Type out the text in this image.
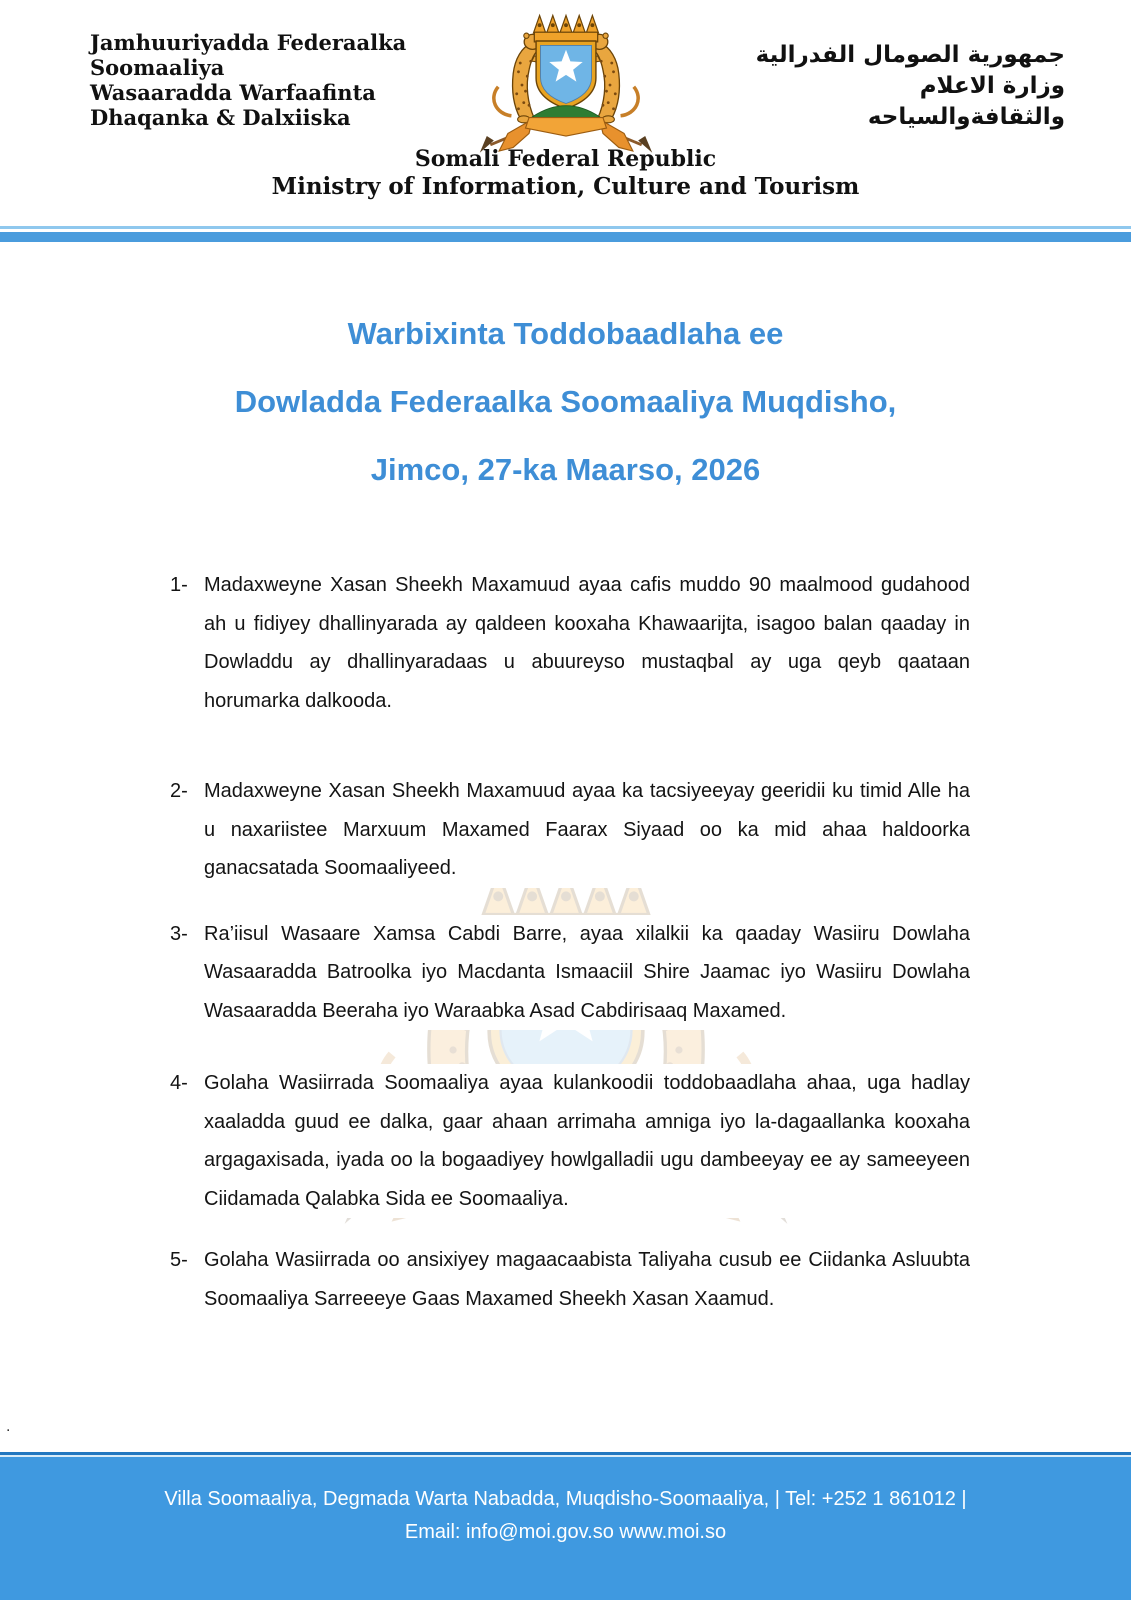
Jamhuuriyadda Federaalka
Soomaaliya
Wasaaradda Warfaafinta
Dhaqanka & Dalxiiska
جمهورية الصومال الفدرالية
وزارة الاعلام
والثقافةوالسياحه
Somali Federal Republic
Ministry of Information, Culture and Tourism
Warbixinta Toddobaadlaha ee
Dowladda Federaalka Soomaaliya Muqdisho,
Jimco, 27-ka Maarso, 2026
1- Madaxweyne Xasan Sheekh Maxamuud ayaa cafis muddo 90 maalmood gudahood ah u fidiyey dhallinyarada ay qaldeen kooxaha Khawaarijta, isagoo balan qaaday in Dowladdu ay dhallinyaradaas u abuureyso mustaqbal ay uga qeyb qaataan horumarka dalkooda.
2- Madaxweyne Xasan Sheekh Maxamuud ayaa ka tacsiyeeyay geeridii ku timid Alle ha u naxariistee Marxuum Maxamed Faarax Siyaad oo ka mid ahaa haldoorka ganacsatada Soomaaliyeed.
3- Ra’iisul Wasaare Xamsa Cabdi Barre, ayaa xilalkii ka qaaday Wasiiru Dowlaha Wasaaradda Batroolka iyo Macdanta Ismaaciil Shire Jaamac iyo Wasiiru Dowlaha Wasaaradda Beeraha iyo Waraabka Asad Cabdirisaaq Maxamed.
4- Golaha Wasiirrada Soomaaliya ayaa kulankoodii toddobaadlaha ahaa, uga hadlay xaaladda guud ee dalka, gaar ahaan arrimaha amniga iyo la-dagaallanka kooxaha argagaxisada, iyada oo la bogaadiyey howlgalladii ugu dambeeyay ee ay sameeyeen Ciidamada Qalabka Sida ee Soomaaliya.
5- Golaha Wasiirrada oo ansixiyey magaacaabista Taliyaha cusub ee Ciidanka Asluubta Soomaaliya Sarreeeye Gaas Maxamed Sheekh Xasan Xaamud.
.
Villa Soomaaliya, Degmada Warta Nabadda, Muqdisho-Soomaaliya, | Tel: +252 1 861012 |
Email: info@moi.gov.so www.moi.so
